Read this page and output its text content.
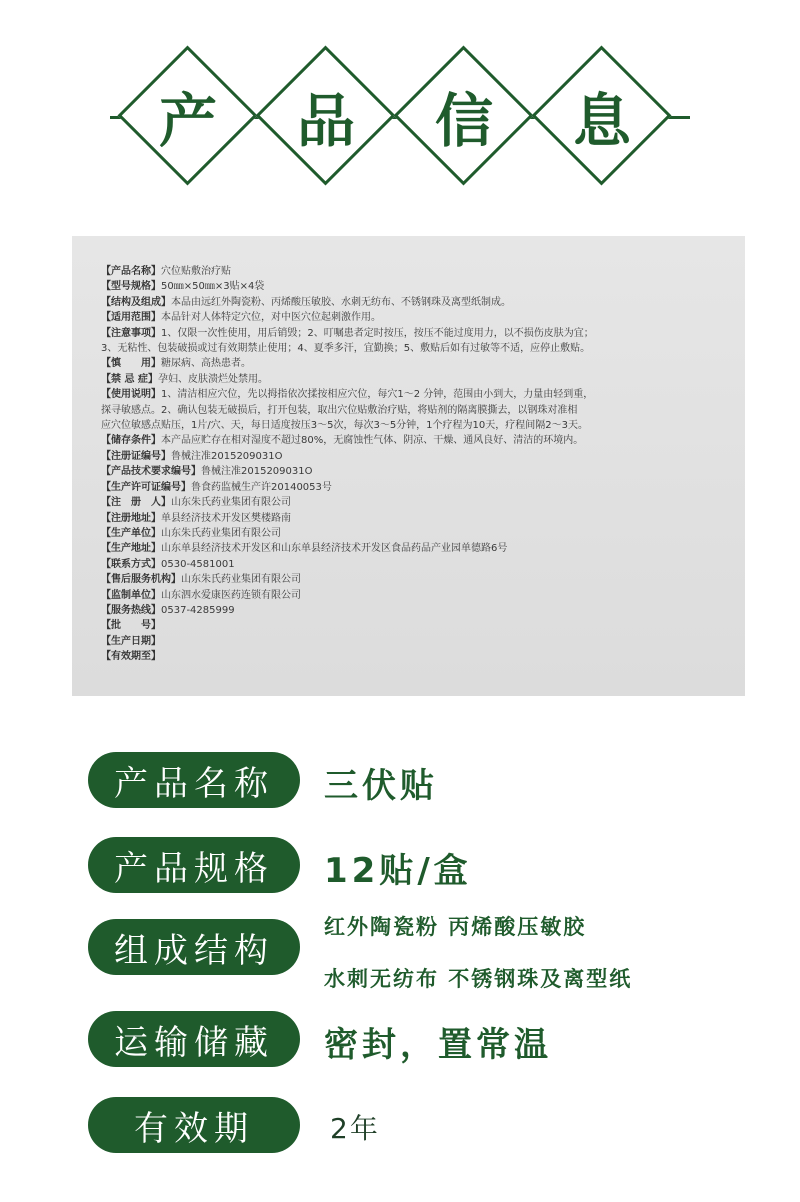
产	品	信	息
【产品名称】穴位贴敷治疗贴
【型号规格】50㎜×50㎜×3贴×4袋
【结构及组成】本品由远红外陶瓷粉、丙烯酸压敏胶、水刺无纺布、不锈钢珠及离型纸制成。
【适用范围】本品针对人体特定穴位，对中医穴位起刺激作用。
【注意事项】1、仅限一次性使用，用后销毁；2、叮嘱患者定时按压，按压不能过度用力，以不损伤皮肤为宜；
3、无粘性、包装破损或过有效期禁止使用；4、夏季多汗，宜勤换；5、敷贴后如有过敏等不适，应停止敷贴。
【慎　　用】糖尿病、高热患者。
【禁 忌 症】孕妇、皮肤溃烂处禁用。
【使用说明】1、清洁相应穴位，先以拇指依次揉按相应穴位，每穴1～2 分钟，范围由小到大，力量由轻到重，
探寻敏感点。2、确认包装无破损后，打开包装，取出穴位贴敷治疗贴，将贴剂的隔离膜撕去，以钢珠对准相
应穴位敏感点贴压，1片/穴、天，每日适度按压3～5次，每次3～5分钟，1个疗程为10天，疗程间隔2～3天。
【储存条件】本产品应贮存在相对湿度不超过80%，无腐蚀性气体、阴凉、干燥、通风良好、清洁的环境内。
【注册证编号】鲁械注准2015209031O
【产品技术要求编号】鲁械注准2015209031O
【生产许可证编号】鲁食药监械生产许20140053号
【注　册　人】山东朱氏药业集团有限公司
【注册地址】单县经济技术开发区樊楼路南
【生产单位】山东朱氏药业集团有限公司
【生产地址】山东单县经济技术开发区和山东单县经济技术开发区食品药品产业园单德路6号
【联系方式】0530-4581001
【售后服务机构】山东朱氏药业集团有限公司
【监制单位】山东泗水爱康医药连锁有限公司
【服务热线】0537-4285999
【批　　号】
【生产日期】
【有效期至】
产品名称	三伏贴
产品规格	12贴/盒
组成结构
红外陶瓷粉 丙烯酸压敏胶
水刺无纺布 不锈钢珠及离型纸
运输储藏	密封，置常温
有效期	2年
